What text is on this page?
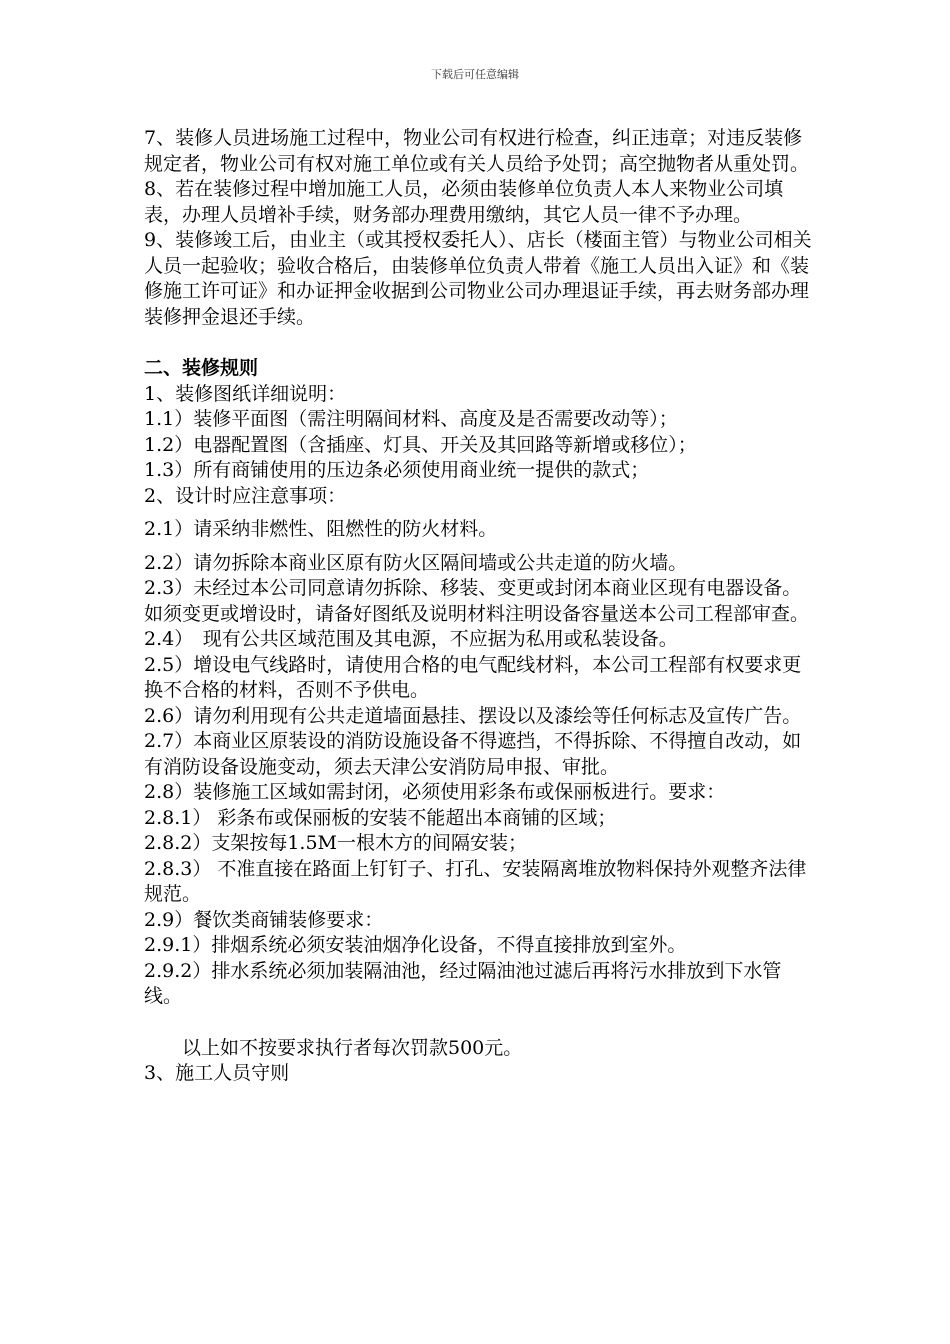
下载后可任意编辑

7、装修人员进场施工过程中，物业公司有权进行检查，纠正违章；对违反装修规定者，物业公司有权对施工单位或有关人员给予处罚；高空抛物者从重处罚。

8、若在装修过程中增加施工人员，必须由装修单位负责人本人来物业公司填表，办理人员增补手续，财务部办理费用缴纳，其它人员一律不予办理。

9、装修竣工后，由业主（或其授权委托人）、店长（楼面主管）与物业公司相关人员一起验收；验收合格后，由装修单位负责人带着《施工人员出入证》和《装修施工许可证》和办证押金收据到公司物业公司办理退证手续，再去财务部办理装修押金退还手续。

二、装修规则

1、装修图纸详细说明：

1.1）装修平面图（需注明隔间材料、高度及是否需要改动等）；

1.2）电器配置图（含插座、灯具、开关及其回路等新增或移位）；

1.3）所有商铺使用的压边条必须使用商业统一提供的款式；

2、设计时应注意事项：

2.1）请采纳非燃性、阻燃性的防火材料。

2.2）请勿拆除本商业区原有防火区隔间墙或公共走道的防火墙。

2.3）未经过本公司同意请勿拆除、移装、变更或封闭本商业区现有电器设备。如须变更或增设时，请备好图纸及说明材料注明设备容量送本公司工程部审查。

2.4）　现有公共区域范围及其电源，不应据为私用或私装设备。

2.5）增设电气线路时，请使用合格的电气配线材料，本公司工程部有权要求更换不合格的材料，否则不予供电。

2.6）请勿利用现有公共走道墙面悬挂、摆设以及漆绘等任何标志及宣传广告。

2.7）本商业区原装设的消防设施设备不得遮挡，不得拆除、不得擅自改动，如有消防设备设施变动，须去天津公安消防局申报、审批。

2.8）装修施工区域如需封闭，必须使用彩条布或保丽板进行。要求：

2.8.1） 彩条布或保丽板的安装不能超出本商铺的区域；

2.8.2）支架按每1.5M一根木方的间隔安装；

2.8.3） 不准直接在路面上钉钉子、打孔、安装隔离堆放物料保持外观整齐法律规范。

2.9）餐饮类商铺装修要求：

2.9.1）排烟系统必须安装油烟净化设备，不得直接排放到室外。

2.9.2）排水系统必须加装隔油池，经过隔油池过滤后再将污水排放到下水管线。

以上如不按要求执行者每次罚款500元。

3、施工人员守则
